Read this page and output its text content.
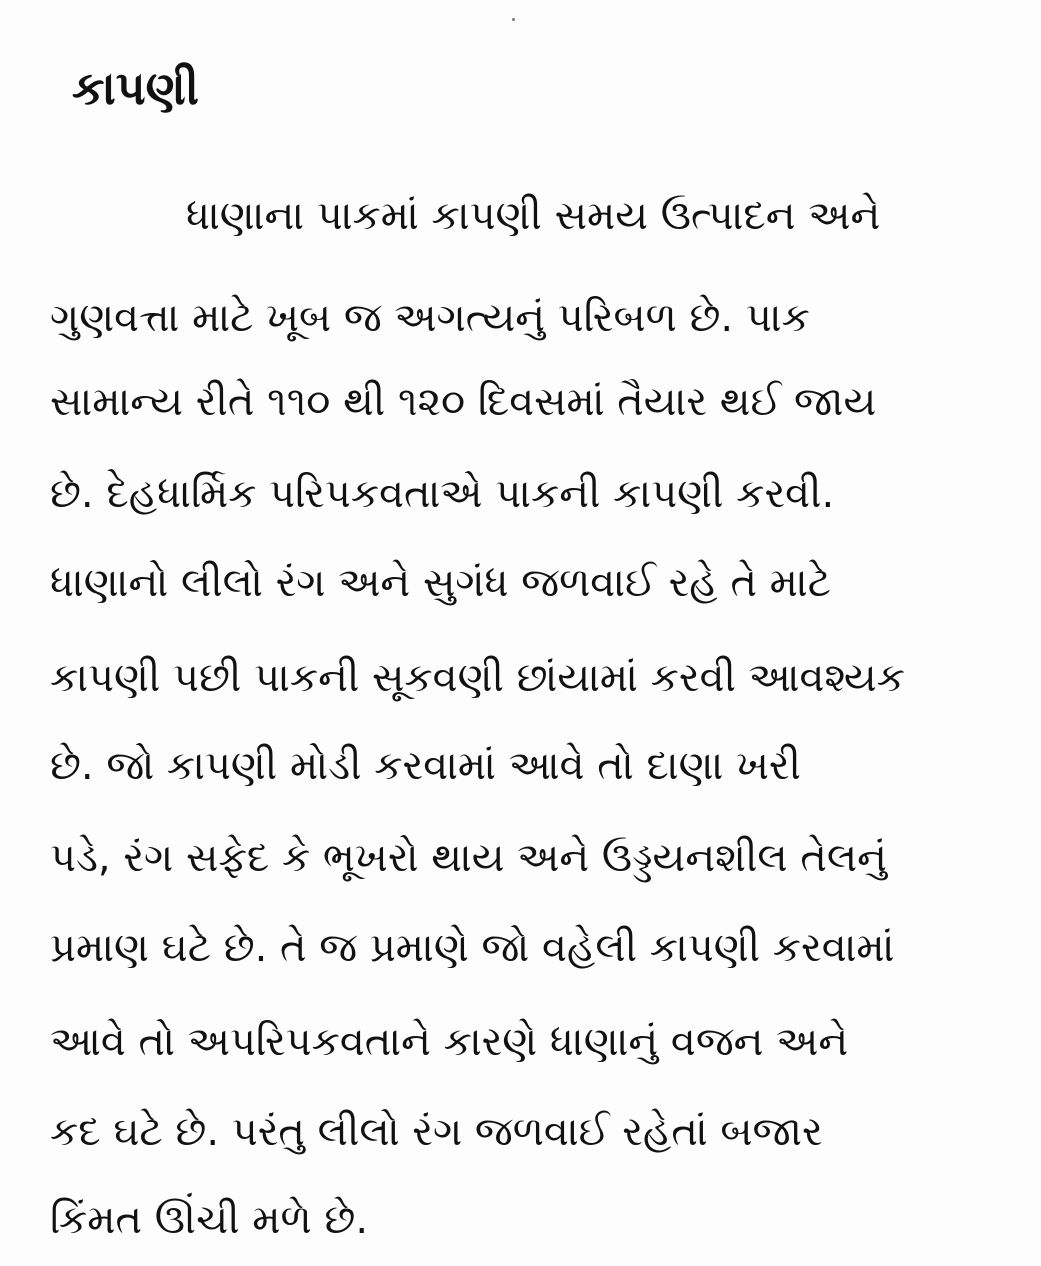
કાપણી
ધાણાના પાકમાં કાપણી સમય ઉત્પાદન અને
ગુણવત્તા માટે ખૂબ જ અગત્યનું પરિબળ છે. પાક
સામાન્ય રીતે ૧૧૦ થી ૧૨૦ દિવસમાં તૈયાર થઈ જાય
છે. દેહધાર્મિક પરિપકવતાએ પાકની કાપણી કરવી.
ધાણાનો લીલો રંગ અને સુગંધ જળવાઈ રહે તે માટે
કાપણી પછી પાકની સૂકવણી છાંયામાં કરવી આવશ્યક
છે. જો કાપણી મોડી કરવામાં આવે તો દાણા ખરી
પડે, રંગ સફેદ કે ભૂખરો થાય અને ઉડ્ડયનશીલ તેલનું
પ્રમાણ ઘટે છે. તે જ પ્રમાણે જો વહેલી કાપણી કરવામાં
આવે તો અપરિપકવતાને કારણે ધાણાનું વજન અને
કદ ઘટે છે. પરંતુ લીલો રંગ જળવાઈ રહેતાં બજાર
કિંમત ઊંચી મળે છે.
